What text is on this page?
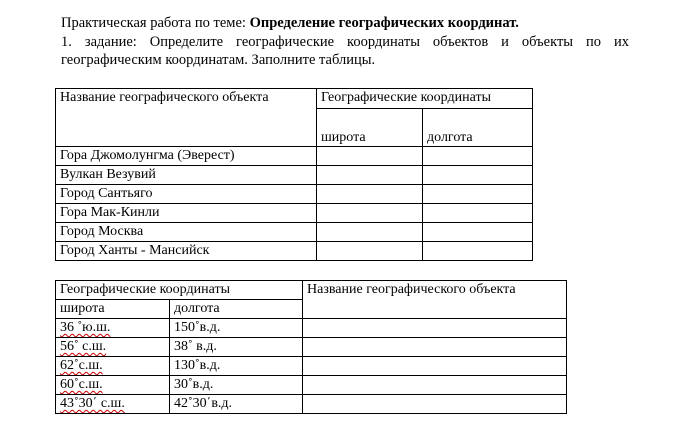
Практическая работа по теме: Определение географических координат.

1. задание: Определите географические координаты объектов и объекты по их географическим координатам. Заполните таблицы.

Название географического объекта	Географические координаты	
	широта	долгота
Гора Джомолунгма (Эверест)		
Вулкан Везувий		
Город Сантьяго		
Гора Мак-Кинли		
Город Москва		
Город Ханты - Мансийск		
Географические координаты		Название географического объекта
широта	долгота	
36 ˚ю.ш.	150˚в.д.	
56˚ с.ш.	38˚ в.д.	
62˚с.ш.	130˚в.д.	
60˚с.ш.	30˚в.д.	
43˚30΄ с.ш.	42˚30΄в.д.	
